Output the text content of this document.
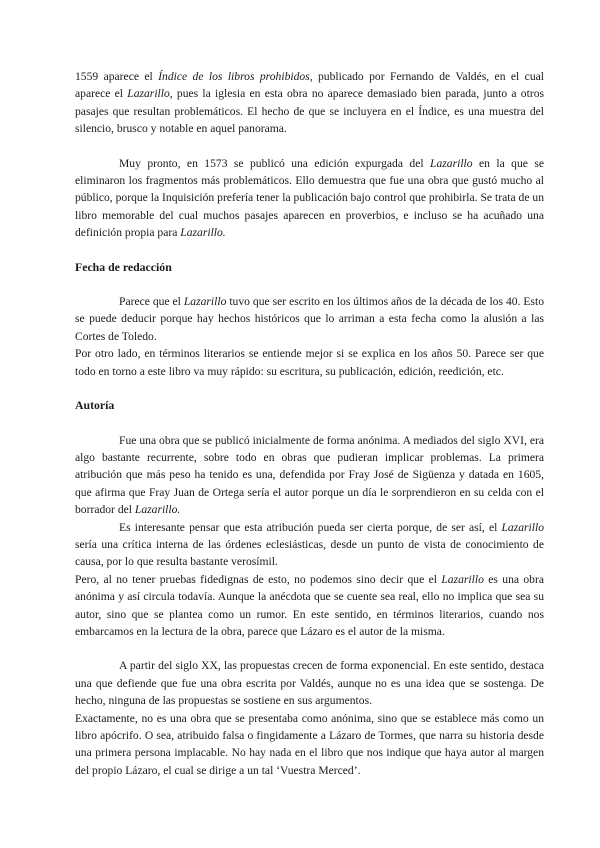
1559 aparece el Índice de los libros prohibidos, publicado por Fernando de Valdés, en el cual aparece el Lazarillo, pues la iglesia en esta obra no aparece demasiado bien parada, junto a otros pasajes que resultan problemáticos. El hecho de que se incluyera en el Índice, es una muestra del silencio, brusco y notable en aquel panorama.

Muy pronto, en 1573 se publicó una edición expurgada del Lazarillo en la que se eliminaron los fragmentos más problemáticos. Ello demuestra que fue una obra que gustó mucho al público, porque la Inquisición prefería tener la publicación bajo control que prohibirla. Se trata de un libro memorable del cual muchos pasajes aparecen en proverbios, e incluso se ha acuñado una definición propia para Lazarillo.

Fecha de redacción

Parece que el Lazarillo tuvo que ser escrito en los últimos años de la década de los 40. Esto se puede deducir porque hay hechos históricos que lo arriman a esta fecha como la alusión a las Cortes de Toledo.

Por otro lado, en términos literarios se entiende mejor si se explica en los años 50. Parece ser que todo en torno a este libro va muy rápido: su escritura, su publicación, edición, reedición, etc.

Autoría

Fue una obra que se publicó inicialmente de forma anónima. A mediados del siglo XVI, era algo bastante recurrente, sobre todo en obras que pudieran implicar problemas. La primera atribución que más peso ha tenido es una, defendida por Fray José de Sigüenza y datada en 1605, que afirma que Fray Juan de Ortega sería el autor porque un día le sorprendieron en su celda con el borrador del Lazarillo.

Es interesante pensar que esta atribución pueda ser cierta porque, de ser así, el Lazarillo sería una crítica interna de las órdenes eclesiásticas, desde un punto de vista de conocimiento de causa, por lo que resulta bastante verosímil.

Pero, al no tener pruebas fidedignas de esto, no podemos sino decir que el Lazarillo es una obra anónima y así circula todavía. Aunque la anécdota que se cuente sea real, ello no implica que sea su autor, sino que se plantea como un rumor. En este sentido, en términos literarios, cuando nos embarcamos en la lectura de la obra, parece que Lázaro es el autor de la misma.

A partir del siglo XX, las propuestas crecen de forma exponencial. En este sentido, destaca una que defiende que fue una obra escrita por Valdés, aunque no es una idea que se sostenga. De hecho, ninguna de las propuestas se sostiene en sus argumentos.

Exactamente, no es una obra que se presentaba como anónima, sino que se establece más como un libro apócrifo. O sea, atribuido falsa o fingidamente a Lázaro de Tormes, que narra su historia desde una primera persona implacable. No hay nada en el libro que nos indique que haya autor al margen del propio Lázaro, el cual se dirige a un tal ‘Vuestra Merced’.
